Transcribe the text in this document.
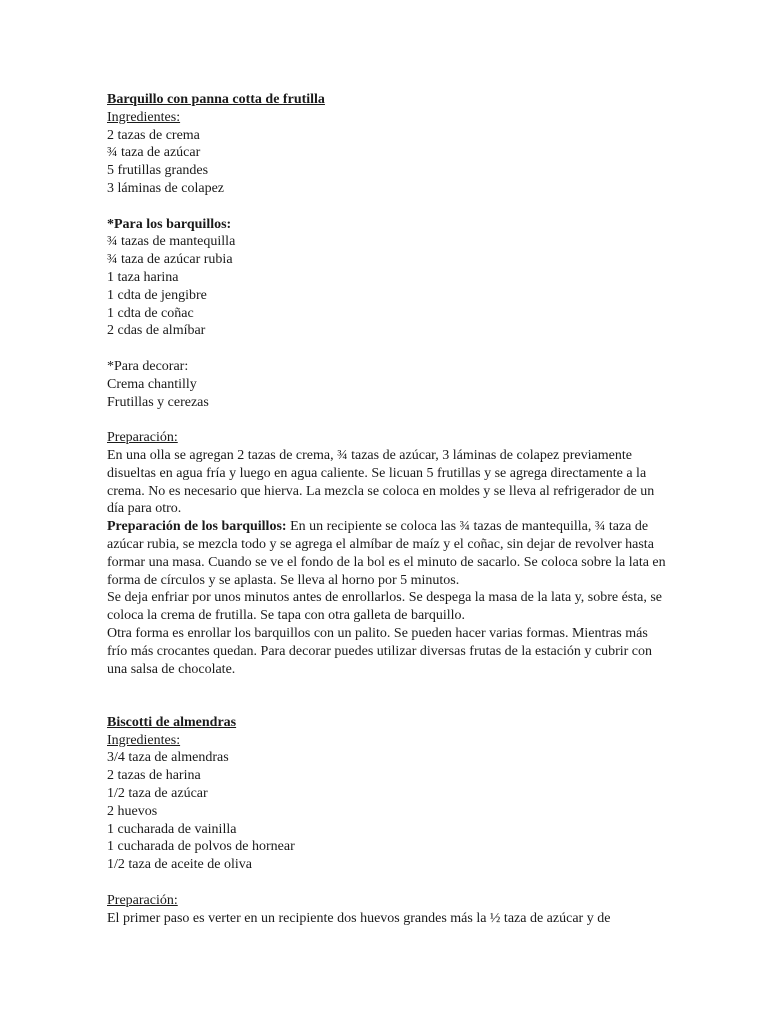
Barquillo con panna cotta de frutilla
Ingredientes:
2 tazas de crema
¾ taza de azúcar
5 frutillas grandes
3 láminas de colapez
*Para los barquillos:
¾ tazas de mantequilla
¾ taza de azúcar rubia
1 taza harina
1 cdta de jengibre
1 cdta de coñac
2 cdas de almíbar
*Para decorar:
Crema chantilly
Frutillas y cerezas
Preparación:
En una olla se agregan 2 tazas de crema, ¾ tazas de azúcar, 3 láminas de colapez previamente disueltas en agua fría y luego en agua caliente. Se licuan 5 frutillas y se agrega directamente a la crema. No es necesario que hierva. La mezcla se coloca en moldes y se lleva al refrigerador de un día para otro.
Preparación de los barquillos: En un recipiente se coloca las ¾ tazas de mantequilla, ¾ taza de azúcar rubia, se mezcla todo y se agrega el almíbar de maíz y el coñac, sin dejar de revolver hasta formar una masa. Cuando se ve el fondo de la bol es el minuto de sacarlo. Se coloca sobre la lata en forma de círculos y se aplasta. Se lleva al horno por 5 minutos.
Se deja enfriar por unos minutos antes de enrollarlos. Se despega la masa de la lata y, sobre ésta, se coloca la crema de frutilla. Se tapa con otra galleta de barquillo.
Otra forma es enrollar los barquillos con un palito. Se pueden hacer varias formas. Mientras más frío más crocantes quedan. Para decorar puedes utilizar diversas frutas de la estación y cubrir con una salsa de chocolate.
Biscotti de almendras
Ingredientes:
3/4 taza de almendras
2 tazas de harina
1/2 taza de azúcar
2 huevos
1 cucharada de vainilla
1 cucharada de polvos de hornear
1/2 taza de aceite de oliva
Preparación:
El primer paso es verter en un recipiente dos huevos grandes más la ½ taza de azúcar y de
